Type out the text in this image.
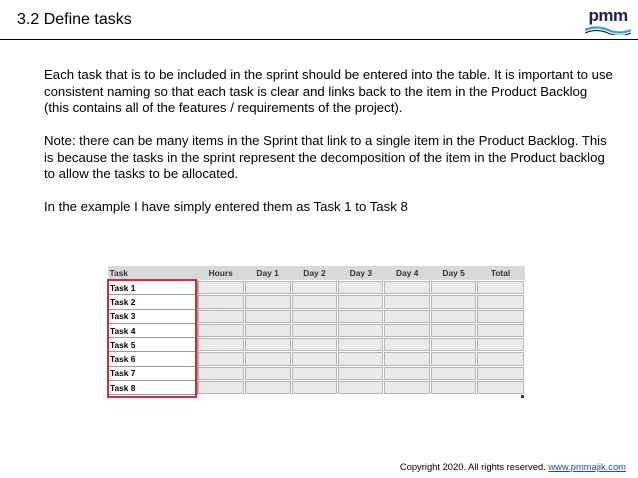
3.2 Define tasks	pmm

Each task that is to be included in the sprint should be entered into the table. It is important to use consistent naming so that each task is clear and links back to the item in the Product Backlog (this contains all of the features / requirements of the project).

Note: there can be many items in the Sprint that link to a single item in the Product Backlog. This is because the tasks in the sprint represent the decomposition of the item in the Product backlog to allow the tasks to be allocated.

In the example I have simply entered them as Task 1 to Task 8

Task	Hours	Day 1	Day 2	Day 3	Day 4	Day 5	Total
Task 1							
Task 2							
Task 3							
Task 4							
Task 5							
Task 6							
Task 7							
Task 8							
Copyright 2020. All rights reserved. www.pmmajik.com
